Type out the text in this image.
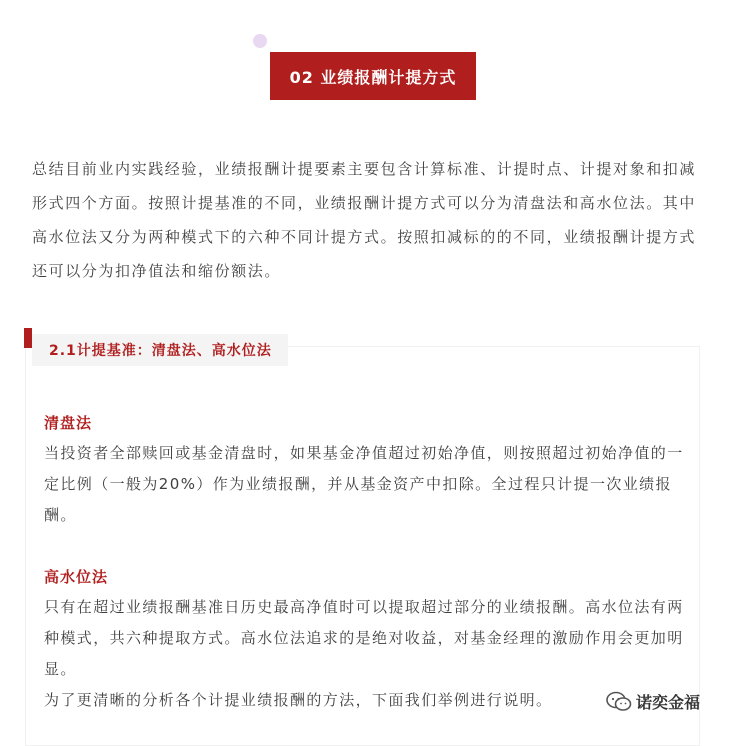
02 业绩报酬计提方式

总结目前业内实践经验，业绩报酬计提要素主要包含计算标准、计提时点、计提对象和扣减形式四个方面。按照计提基准的不同，业绩报酬计提方式可以分为清盘法和高水位法。其中高水位法又分为两种模式下的六种不同计提方式。按照扣减标的的不同，业绩报酬计提方式还可以分为扣净值法和缩份额法。

2.1计提基准：清盘法、高水位法
清盘法

当投资者全部赎回或基金清盘时，如果基金净值超过初始净值，则按照超过初始净值的一定比例（一般为20%）作为业绩报酬，并从基金资产中扣除。全过程只计提一次业绩报酬。

高水位法

只有在超过业绩报酬基准日历史最高净值时可以提取超过部分的业绩报酬。高水位法有两种模式，共六种提取方式。高水位法追求的是绝对收益，对基金经理的激励作用会更加明显。

为了更清晰的分析各个计提业绩报酬的方法，下面我们举例进行说明。	诺奕金福
